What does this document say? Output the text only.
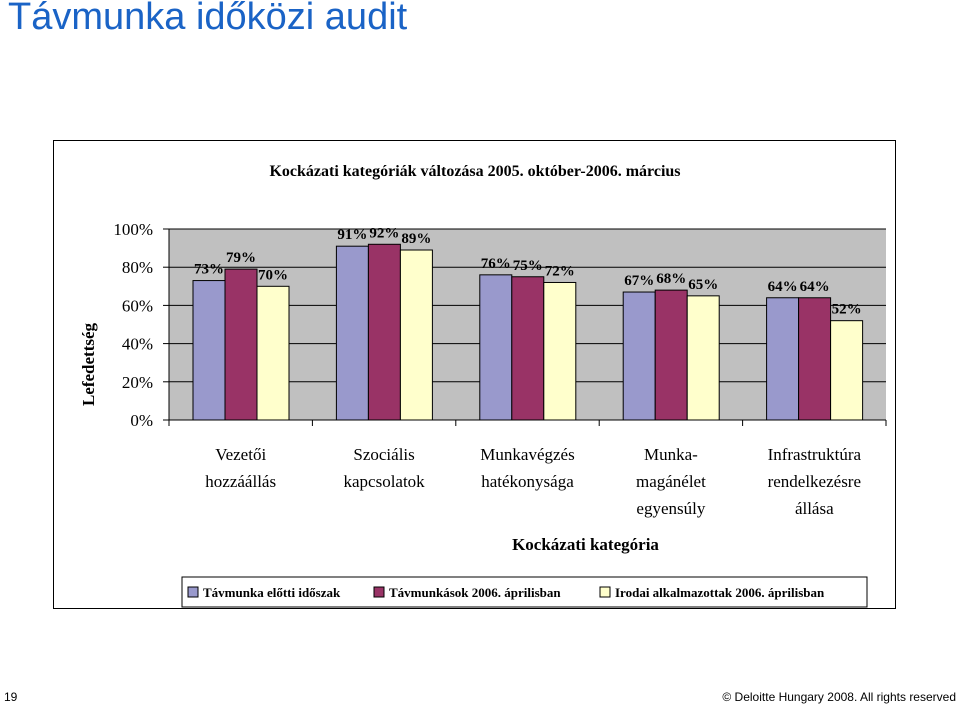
Távmunka időközi audit
Kockázati kategóriák változása 2005. október-2006. március
0%
20%
40%
60%
80%
100%
73%
91%
76%
67%	64%
79%
92%
75%
68%	64%
70%
89%
72%
65%
52%
Vezetői
hozzáállás
Szociális
kapcsolatok
Munkavégzés
hatékonysága
Munka-
magánélet
egyensúly
Infrastruktúra
rendelkezésre
állása
Kockázati kategória
Lefedettség
Távmunka előtti időszak	Távmunkások 2006. áprilisban	Irodai alkalmazottak 2006. áprilisban
19	© Deloitte Hungary 2008. All rights reserved
